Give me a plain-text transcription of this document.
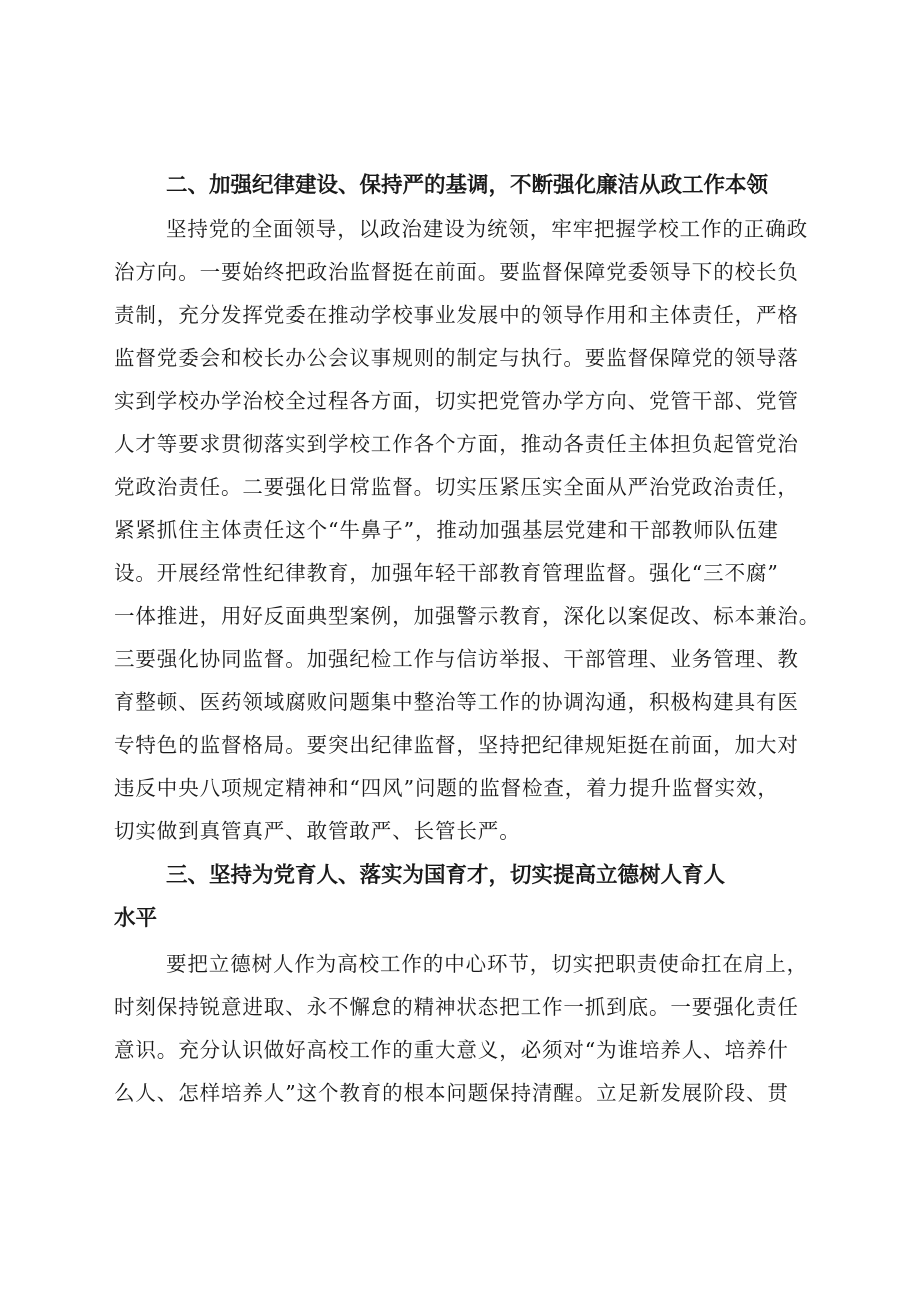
二、加强纪律建设、保持严的基调，不断强化廉洁从政工作本领
坚持党的全面领导，以政治建设为统领，牢牢把握学校工作的正确政
治方向。一要始终把政治监督挺在前面。要监督保障党委领导下的校长负
责制，充分发挥党委在推动学校事业发展中的领导作用和主体责任，严格
监督党委会和校长办公会议事规则的制定与执行。要监督保障党的领导落
实到学校办学治校全过程各方面，切实把党管办学方向、党管干部、党管
人才等要求贯彻落实到学校工作各个方面，推动各责任主体担负起管党治
党政治责任。二要强化日常监督。切实压紧压实全面从严治党政治责任，
紧紧抓住主体责任这个“牛鼻子”，推动加强基层党建和干部教师队伍建
设。开展经常性纪律教育，加强年轻干部教育管理监督。强化“三不腐”
一体推进，用好反面典型案例，加强警示教育，深化以案促改、标本兼治。
三要强化协同监督。加强纪检工作与信访举报、干部管理、业务管理、教
育整顿、医药领域腐败问题集中整治等工作的协调沟通，积极构建具有医
专特色的监督格局。要突出纪律监督，坚持把纪律规矩挺在前面，加大对
违反中央八项规定精神和“四风”问题的监督检查，着力提升监督实效，
切实做到真管真严、敢管敢严、长管长严。
三、坚持为党育人、落实为国育才，切实提高立德树人育人
水平
要把立德树人作为高校工作的中心环节，切实把职责使命扛在肩上，
时刻保持锐意进取、永不懈怠的精神状态把工作一抓到底。一要强化责任
意识。充分认识做好高校工作的重大意义，必须对“为谁培养人、培养什
么人、怎样培养人”这个教育的根本问题保持清醒。立足新发展阶段、贯
